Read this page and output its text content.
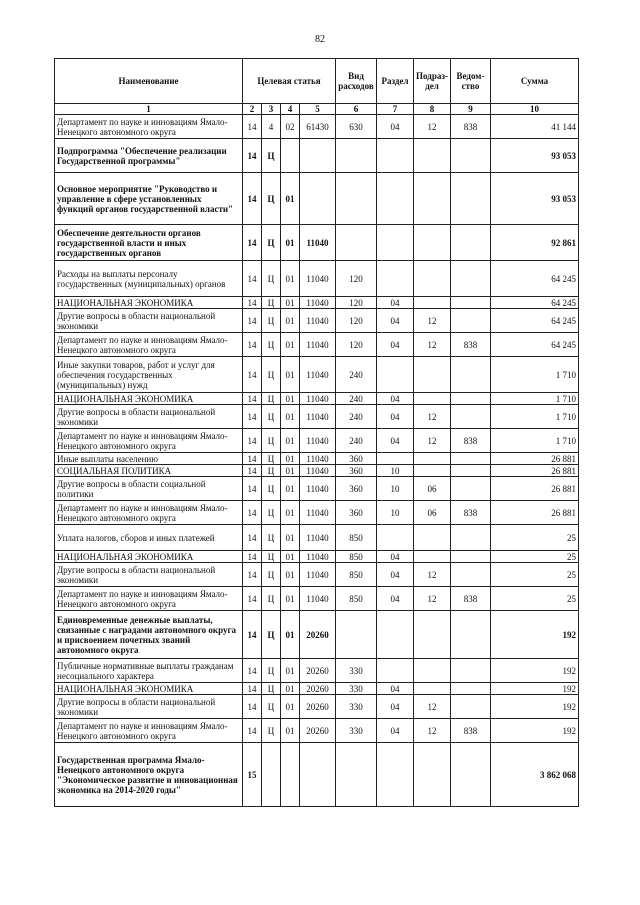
82
Наименование	Целевая статья				Вид расходов	Раздел	Подраз-дел	Ведом-ство	Сумма
1	2	3	4	5	6	7	8	9	10
Департамент по науке и инновациям Ямало-Ненецкого автономного округа	14	4	02	61430	630	04	12	838	41 144
Подпрограмма "Обеспечение реализации Государственной программы"	14	Ц							93 053
Основное мероприятие "Руководство и управление в сфере установленных функций органов государственной власти"	14	Ц	01						93 053
Обеспечение деятельности органов государственной власти и иных государственных органов	14	Ц	01	11040					92 861
Расходы на выплаты персоналу государственных (муниципальных) органов	14	Ц	01	11040	120				64 245
НАЦИОНАЛЬНАЯ ЭКОНОМИКА	14	Ц	01	11040	120	04			64 245
Другие вопросы в области национальной экономики	14	Ц	01	11040	120	04	12		64 245
Департамент по науке и инновациям Ямало-Ненецкого автономного округа	14	Ц	01	11040	120	04	12	838	64 245
Иные закупки товаров, работ и услуг для обеспечения государственных (муниципальных) нужд	14	Ц	01	11040	240				1 710
НАЦИОНАЛЬНАЯ ЭКОНОМИКА	14	Ц	01	11040	240	04			1 710
Другие вопросы в области национальной экономики	14	Ц	01	11040	240	04	12		1 710
Департамент по науке и инновациям Ямало-Ненецкого автономного округа	14	Ц	01	11040	240	04	12	838	1 710
Иные выплаты населению	14	Ц	01	11040	360				26 881
СОЦИАЛЬНАЯ ПОЛИТИКА	14	Ц	01	11040	360	10			26 881
Другие вопросы в области социальной политики	14	Ц	01	11040	360	10	06		26 881
Департамент по науке и инновациям Ямало-Ненецкого автономного округа	14	Ц	01	11040	360	10	06	838	26 881
Уплата налогов, сборов и иных платежей	14	Ц	01	11040	850				25
НАЦИОНАЛЬНАЯ ЭКОНОМИКА	14	Ц	01	11040	850	04			25
Другие вопросы в области национальной экономики	14	Ц	01	11040	850	04	12		25
Департамент по науке и инновациям Ямало-Ненецкого автономного округа	14	Ц	01	11040	850	04	12	838	25
Единовременные денежные выплаты, связанные с наградами автономного округа и присвоением почетных званий автономного округа	14	Ц	01	20260					192
Публичные нормативные выплаты гражданам несоциального характера	14	Ц	01	20260	330				192
НАЦИОНАЛЬНАЯ ЭКОНОМИКА	14	Ц	01	20260	330	04			192
Другие вопросы в области национальной экономики	14	Ц	01	20260	330	04	12		192
Департамент по науке и инновациям Ямало-Ненецкого автономного округа	14	Ц	01	20260	330	04	12	838	192
Государственная программа Ямало-Ненецкого автономного округа "Экономическое развитие и инновационная экономика на 2014-2020 годы"	15								3 862 068
